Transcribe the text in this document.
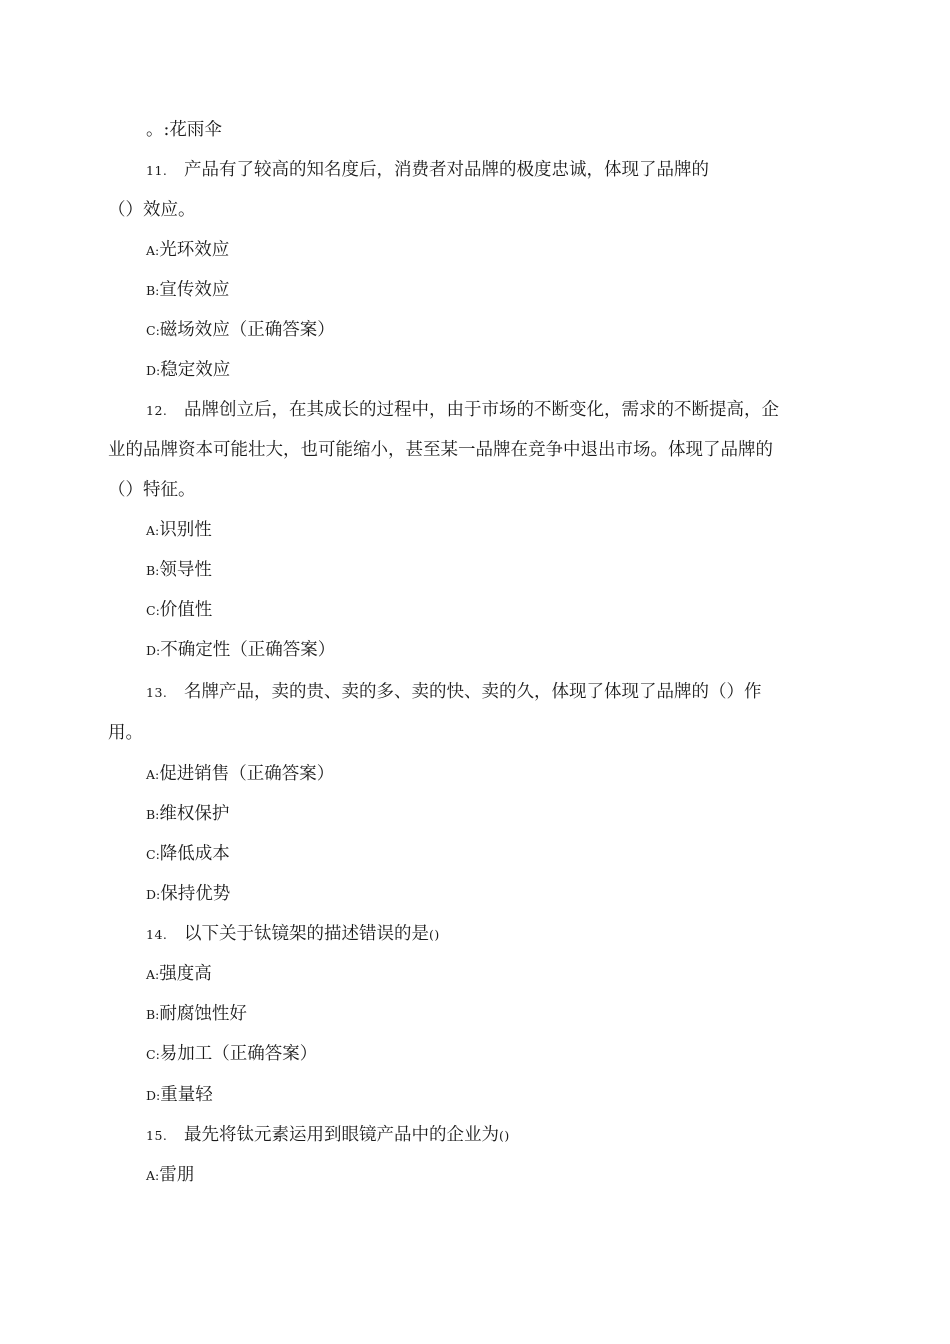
。:花雨伞
11. 产品有了较高的知名度后，消费者对品牌的极度忠诚，体现了品牌的
（）效应。
A:光环效应
B:宣传效应
C:磁场效应（正确答案）
D:稳定效应
12. 品牌创立后，在其成长的过程中，由于市场的不断变化，需求的不断提高，企
业的品牌资本可能壮大，也可能缩小，甚至某一品牌在竞争中退出市场。体现了品牌的
（）特征。
A:识别性
B:领导性
C:价值性
D:不确定性（正确答案）
13. 名牌产品，卖的贵、卖的多、卖的快、卖的久，体现了体现了品牌的（）作
用。
A:促进销售（正确答案）
B:维权保护
C:降低成本
D:保持优势
14. 以下关于钛镜架的描述错误的是()
A:强度高
B:耐腐蚀性好
C:易加工（正确答案）
D:重量轻
15. 最先将钛元素运用到眼镜产品中的企业为()
A:雷朋
